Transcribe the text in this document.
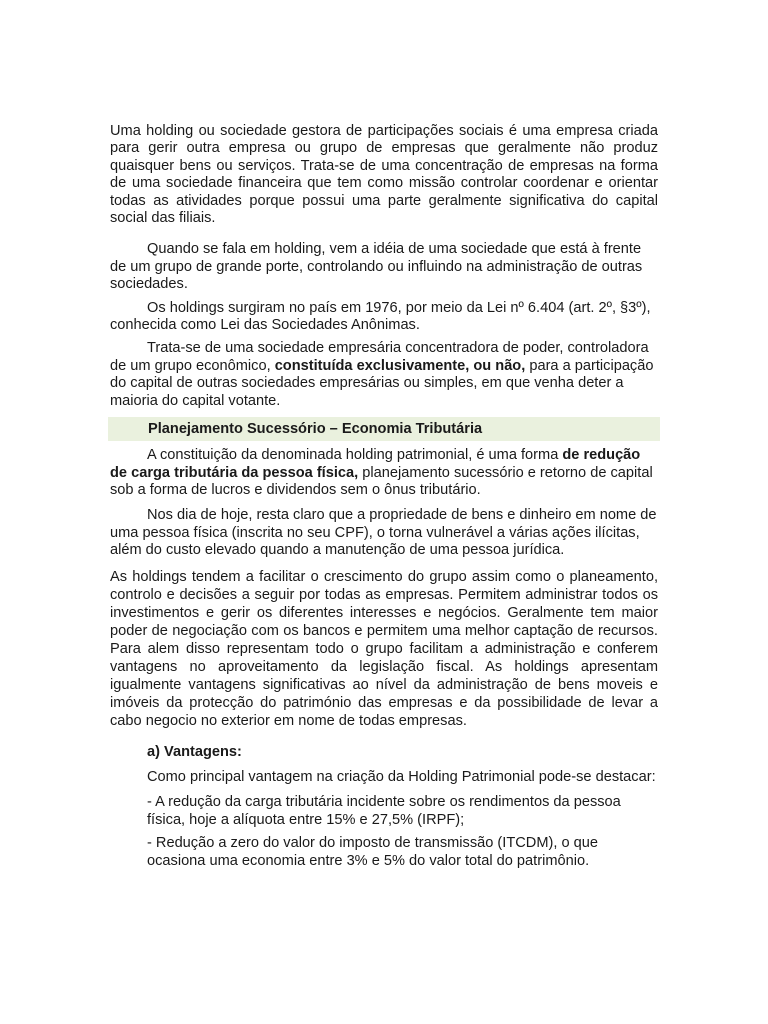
Uma holding ou sociedade gestora de participações sociais é uma empresa criada para gerir outra empresa ou grupo de empresas que geralmente não produz quaisquer bens ou serviços. Trata-se de uma concentração de empresas na forma de uma sociedade financeira que tem como missão controlar coordenar e orientar todas as atividades porque possui uma parte geralmente significativa do capital social das filiais.

Quando se fala em holding, vem a idéia de uma sociedade que está à frente de um grupo de grande porte, controlando ou influindo na administração de outras sociedades.

Os holdings surgiram no país em 1976, por meio da Lei nº 6.404 (art. 2º, §3º), conhecida como Lei das Sociedades Anônimas.

Trata-se de uma sociedade empresária concentradora de poder, controladora de um grupo econômico, constituída exclusivamente, ou não, para a participação do capital de outras sociedades empresárias ou simples, em que venha deter a maioria do capital votante.

Planejamento Sucessório – Economia Tributária

A constituição da denominada holding patrimonial, é uma forma de redução de carga tributária da pessoa física, planejamento sucessório e retorno de capital sob a forma de lucros e dividendos sem o ônus tributário.

Nos dia de hoje, resta claro que a propriedade de bens e dinheiro em nome de uma pessoa física (inscrita no seu CPF), o torna vulnerável a várias ações ilícitas, além do custo elevado quando a manutenção de uma pessoa jurídica.

As holdings tendem a facilitar o crescimento do grupo assim como o planeamento, controlo e decisões a seguir por todas as empresas. Permitem administrar todos os investimentos e gerir os diferentes interesses e negócios. Geralmente tem maior poder de negociação com os bancos e permitem uma melhor captação de recursos. Para alem disso representam todo o grupo facilitam a administração e conferem vantagens no aproveitamento da legislação fiscal. As holdings apresentam igualmente vantagens significativas ao nível da administração de bens moveis e imóveis da protecção do património das empresas e da possibilidade de levar a cabo negocio no exterior em nome de todas empresas.

a) Vantagens:

Como principal vantagem na criação da Holding Patrimonial pode-se destacar:

- A redução da carga tributária incidente sobre os rendimentos da pessoa física, hoje a alíquota entre 15% e 27,5% (IRPF);

- Redução a zero do valor do imposto de transmissão (ITCDM), o que ocasiona uma economia entre 3% e 5% do valor total do patrimônio.
